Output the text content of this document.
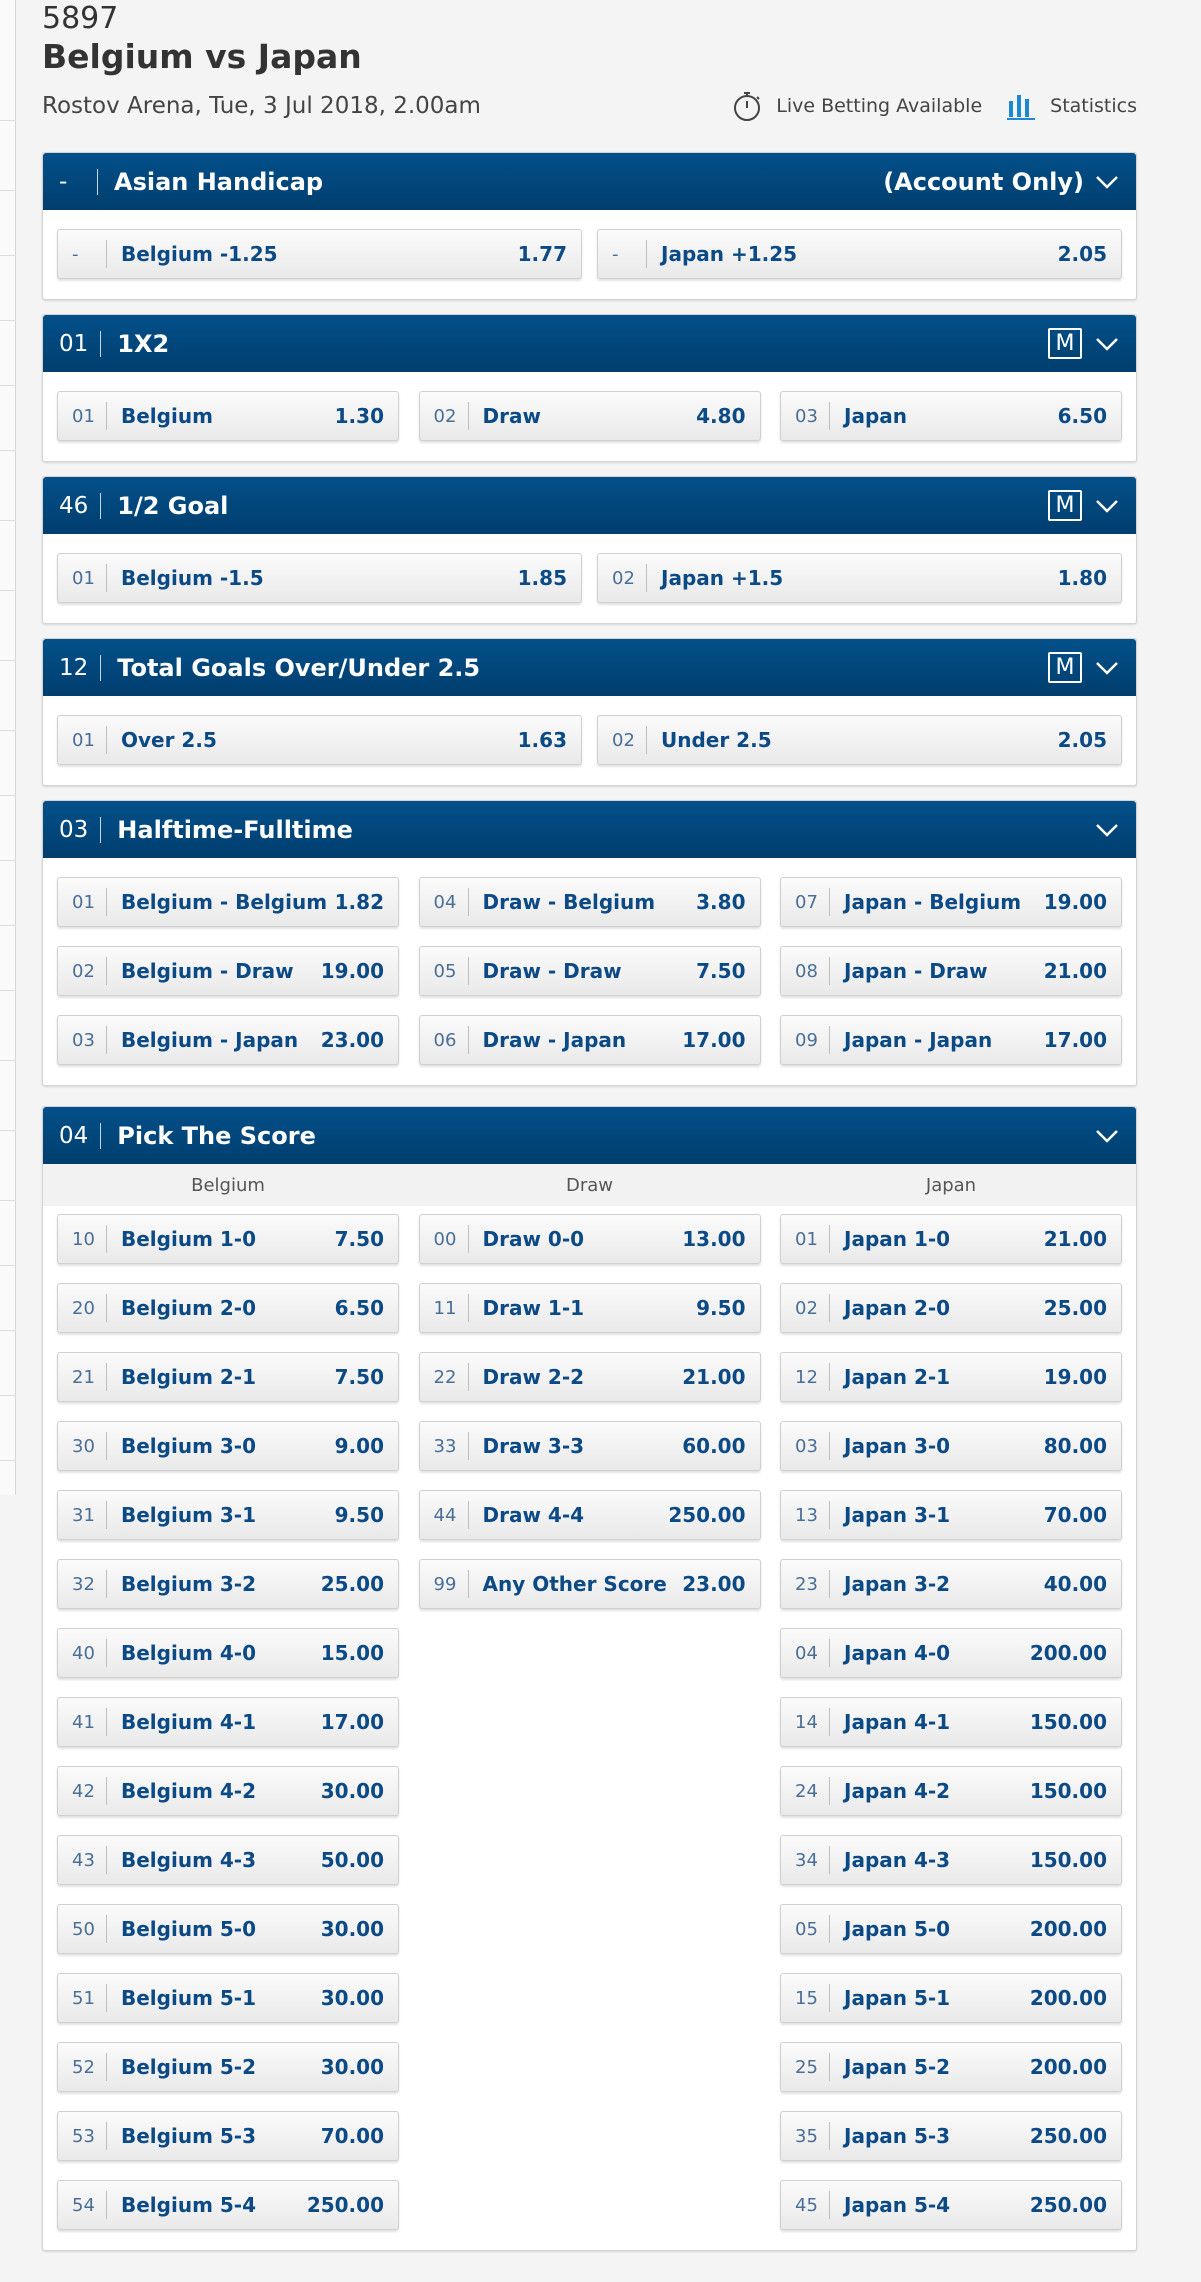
5897
Belgium vs Japan
Rostov Arena, Tue, 3 Jul 2018, 2.00am	Live Betting Available	Statistics
-	Asian Handicap	(Account Only)
-	Belgium -1.25	1.77	-	Japan +1.25	2.05
01 1X2	M
01 Belgium	1.30	02 Draw	4.80	03 Japan	6.50
46 1/2 Goal	M
01 Belgium -1.5	1.85	02 Japan +1.5	1.80
12 Total Goals Over/Under 2.5	M
01 Over 2.5	1.63	02 Under 2.5	2.05
03 Halftime-Fulltime
01 Belgium - Belgium 1.82	04 Draw - Belgium	3.80	07 Japan - Belgium	19.00
02 Belgium - Draw	19.00	05 Draw - Draw	7.50	08 Japan - Draw	21.00
03 Belgium - Japan	23.00	06 Draw - Japan	17.00	09 Japan - Japan	17.00
04 Pick The Score
Belgium	Draw	Japan
10 Belgium 1-0	7.50	00 Draw 0-0	13.00	01 Japan 1-0	21.00
20 Belgium 2-0	6.50	11 Draw 1-1	9.50	02 Japan 2-0	25.00
21 Belgium 2-1	7.50	22 Draw 2-2	21.00	12 Japan 2-1	19.00
30 Belgium 3-0	9.00	33 Draw 3-3	60.00	03 Japan 3-0	80.00
31 Belgium 3-1	9.50	44 Draw 4-4	250.00	13 Japan 3-1	70.00
32 Belgium 3-2	25.00	99 Any Other Score 23.00	23 Japan 3-2	40.00
40 Belgium 4-0	15.00	04 Japan 4-0	200.00
41 Belgium 4-1	17.00	14 Japan 4-1	150.00
42 Belgium 4-2	30.00	24 Japan 4-2	150.00
43 Belgium 4-3	50.00	34 Japan 4-3	150.00
50 Belgium 5-0	30.00	05 Japan 5-0	200.00
51 Belgium 5-1	30.00	15 Japan 5-1	200.00
52 Belgium 5-2	30.00	25 Japan 5-2	200.00
53 Belgium 5-3	70.00	35 Japan 5-3	250.00
54 Belgium 5-4	250.00	45 Japan 5-4	250.00
